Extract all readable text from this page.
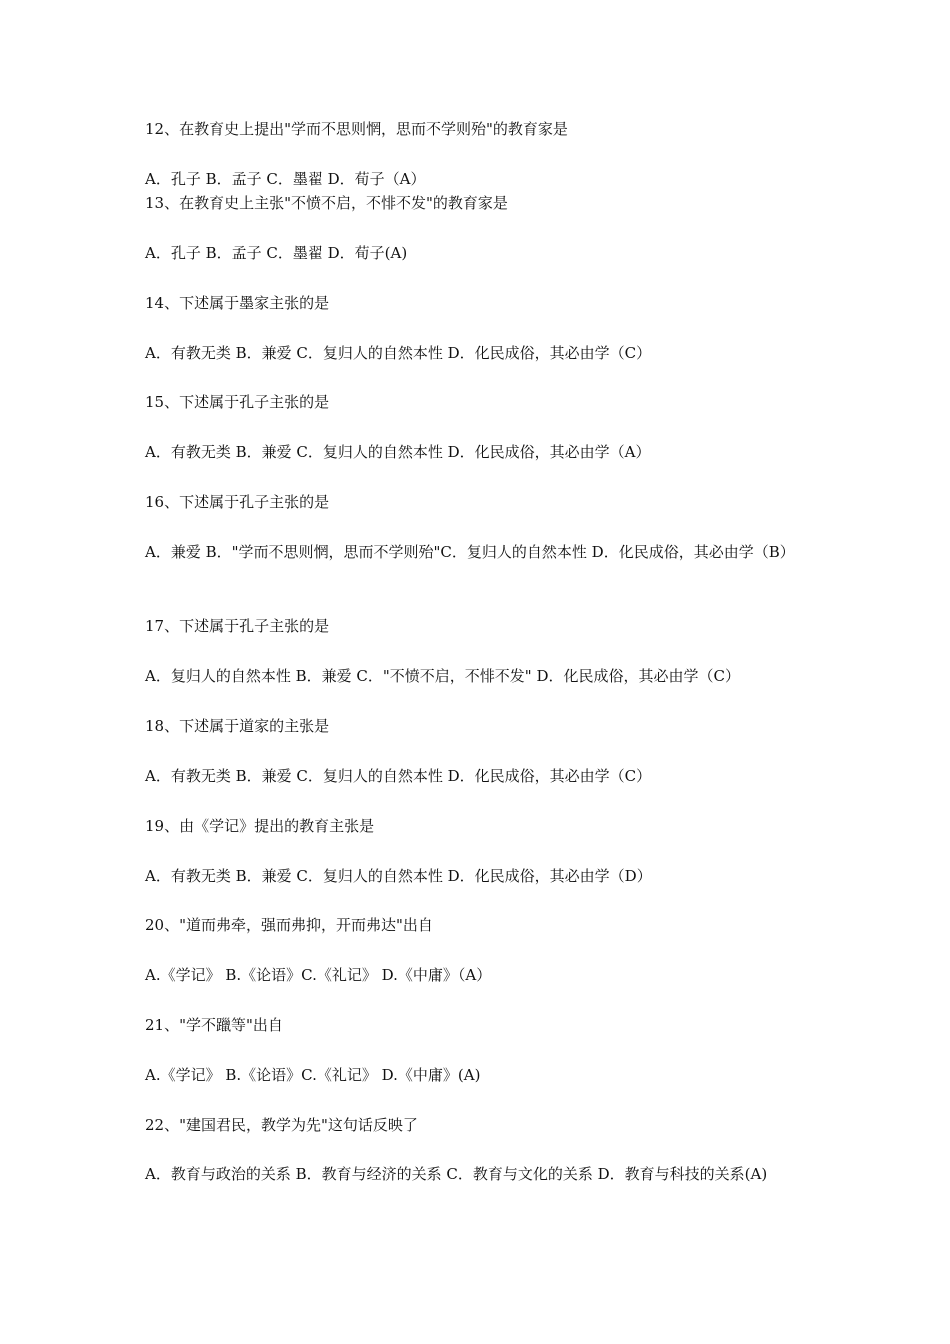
12、在教育史上提出"学而不思则惘，思而不学则殆"的教育家是
A．孔子 B．孟子 C．墨翟 D．荀子（A）
13、在教育史上主张"不愤不启，不悱不发"的教育家是
A．孔子 B．孟子 C．墨翟 D．荀子(A)
14、下述属于墨家主张的是
A．有教无类 B．兼爱 C．复归人的自然本性 D．化民成俗，其必由学（C）
15、下述属于孔子主张的是
A．有教无类 B．兼爱 C．复归人的自然本性 D．化民成俗，其必由学（A）
16、下述属于孔子主张的是
A．兼爱 B．"学而不思则惘，思而不学则殆"C．复归人的自然本性 D．化民成俗，其必由学（B）
17、下述属于孔子主张的是
A．复归人的自然本性 B．兼爱 C．"不愤不启，不悱不发" D．化民成俗，其必由学（C）
18、下述属于道家的主张是
A．有教无类 B．兼爱 C．复归人的自然本性 D．化民成俗，其必由学（C）
19、由《学记》提出的教育主张是
A．有教无类 B．兼爱 C．复归人的自然本性 D．化民成俗，其必由学（D）
20、"道而弗牵，强而弗抑，开而弗达"出自
A.《学记》 B.《论语》C.《礼记》 D.《中庸》（A）
21、"学不躐等"出自
A.《学记》 B.《论语》C.《礼记》 D.《中庸》(A)
22、"建国君民，教学为先"这句话反映了
A．教育与政治的关系 B．教育与经济的关系 C．教育与文化的关系 D．教育与科技的关系(A)
